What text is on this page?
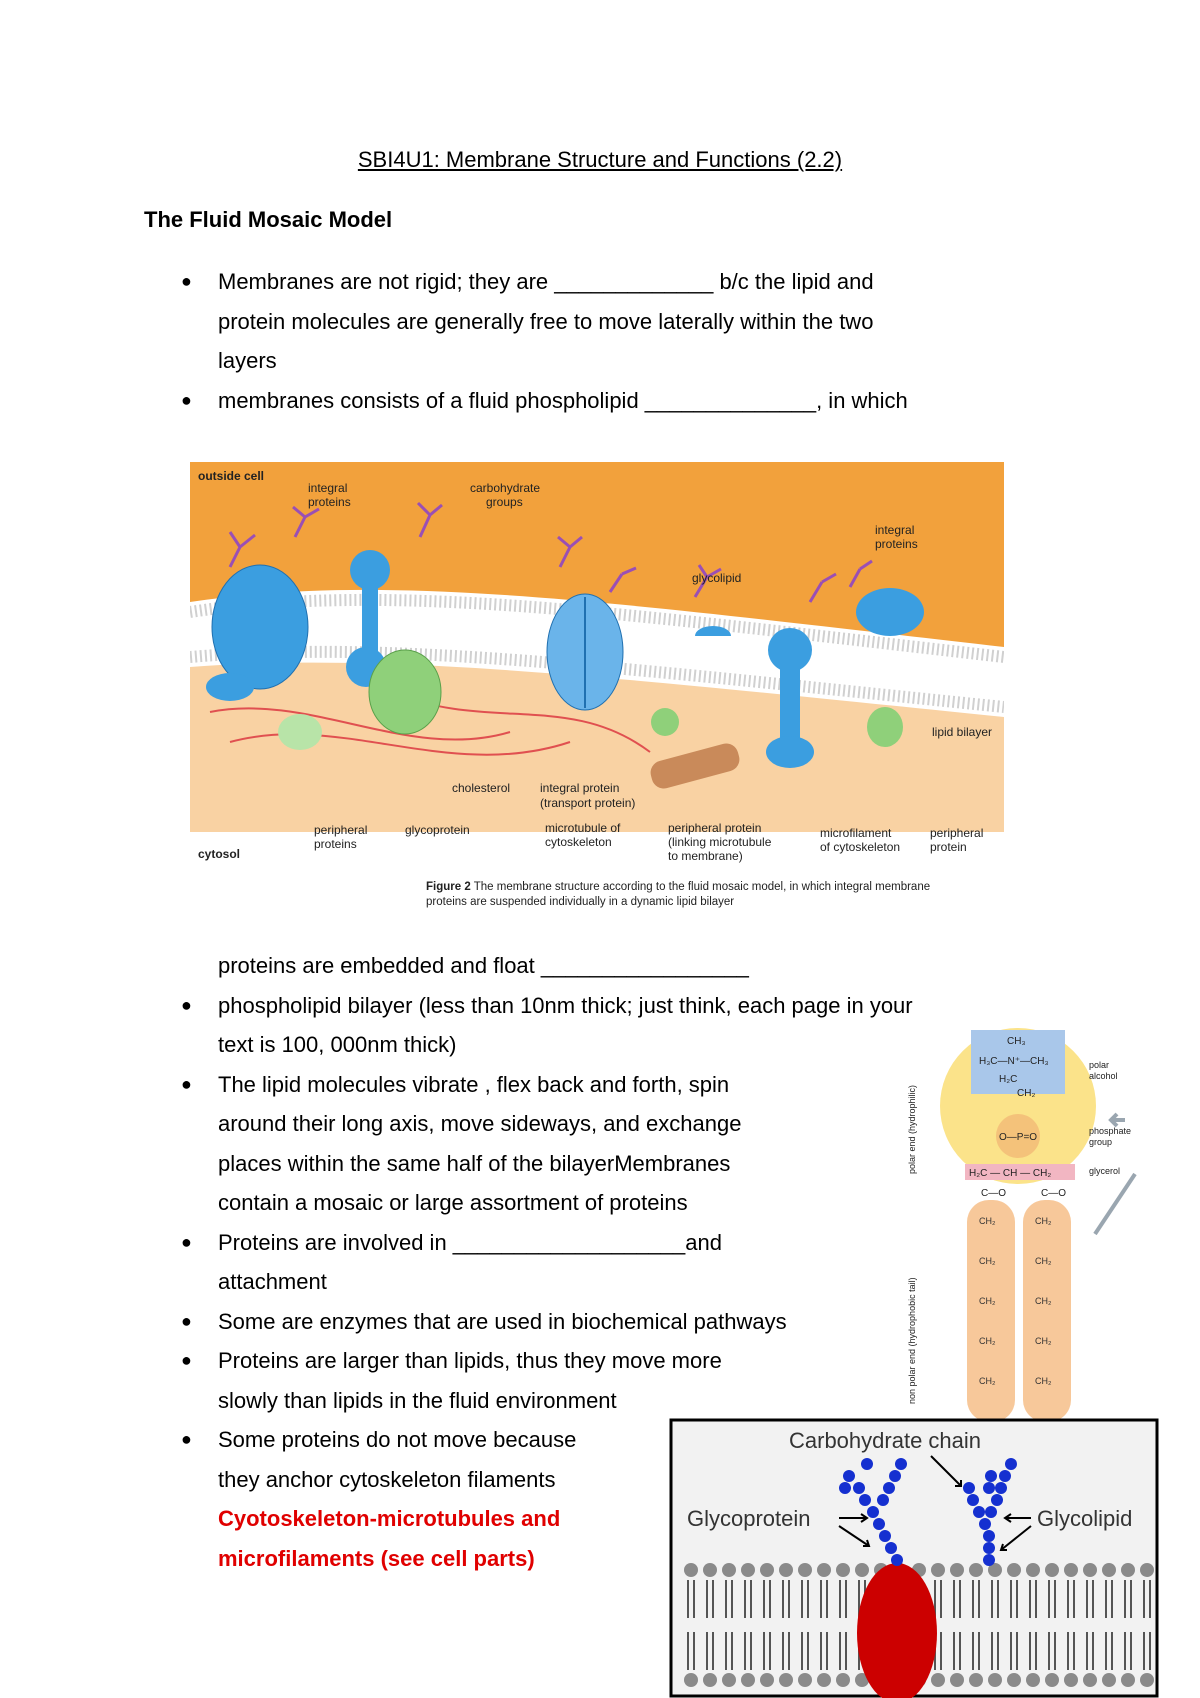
SBI4U1: Membrane Structure and Functions (2.2)
The Fluid Mosaic Model
● Membranes are not rigid; they are _____________ b/c the lipid and
protein molecules are generally free to move laterally within the two
layers
● membranes consists of a fluid phospholipid ______________, in which
outside cell
integral
proteins
carbohydrate
groups
glycolipid
integral
proteins
lipid bilayer
cholesterol integral protein
(transport protein)
peripheral
proteins
glycoprotein	microtubule of
cytoskeleton
peripheral protein
(linking microtubule
to membrane)
microfilament
of cytoskeleton
peripheral
protein
cytosol
Figure 2 The membrane structure according to the fluid mosaic model, in which integral membrane
proteins are suspended individually in a dynamic lipid bilayer
proteins are embedded and float _________________
● phospholipid bilayer (less than 10nm thick; just think, each page in your
text is 100, 000nm thick)
● The lipid molecules vibrate , flex back and forth, spin
around their long axis, move sideways, and exchange
places within the same half of the bilayerMembranes
contain a mosaic or large assortment of proteins
● Proteins are involved in ___________________and
attachment
● Some are enzymes that are used in biochemical pathways
● Proteins are larger than lipids, thus they move more
slowly than lipids in the fluid environment
● Some proteins do not move because
they anchor cytoskeleton filaments
Cyotoskeleton-microtubules and
microfilaments (see cell parts)
CH₃
H₃C—N⁺—CH₃
H₂C
CH₂
O—P=O
H₂C — CH — CH₂
C—O	C—O
CH₂	CH₂
CH₂	CH₂
CH₂	CH₂
CH₂	CH₂
CH₂	CH₂
polar
alcohol
phosphate
group
glycerol
polar end (hydrophilic)
non polar end (hydrophobic tail)
Carbohydrate chain
Glycoprotein	Glycolipid
